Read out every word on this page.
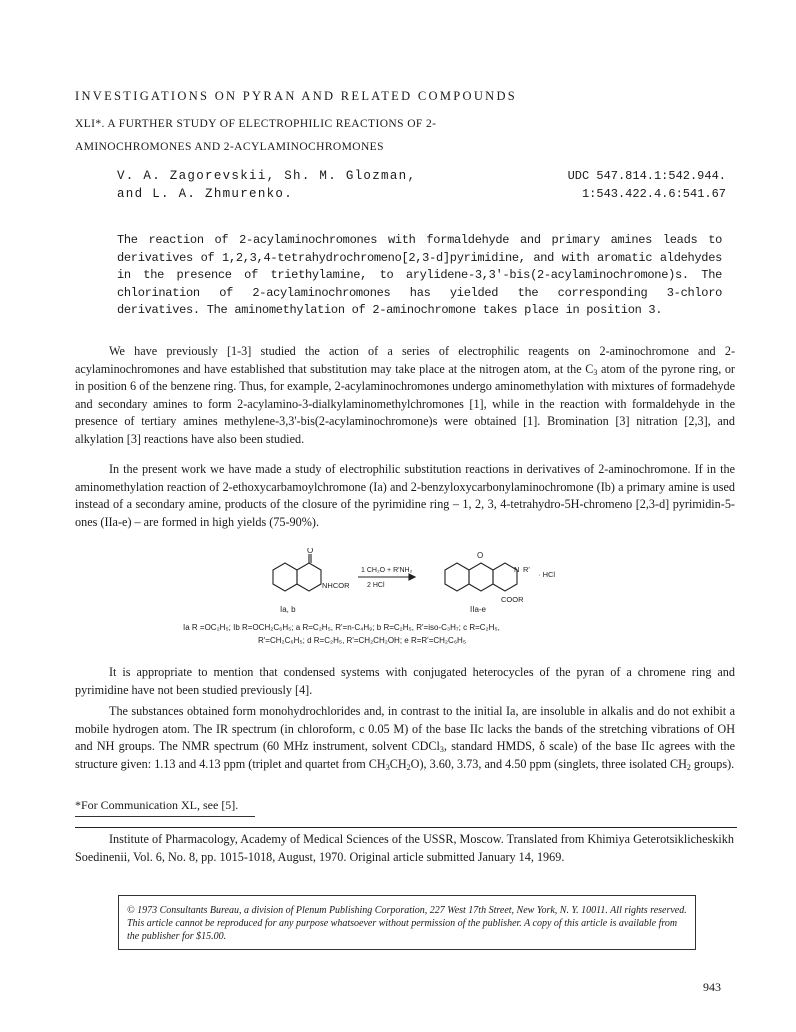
INVESTIGATIONS ON PYRAN AND RELATED COMPOUNDS
XLI*. A FURTHER STUDY OF ELECTROPHILIC REACTIONS OF 2-
AMINOCHROMONES AND 2-ACYLAMINOCHROMONES
V. A. Zagorevskii, Sh. M. Glozman,
and L. A. Zhmurenko.
UDC 547.814.1:542.944.
1:543.422.4.6:541.67

The reaction of 2-acylaminochromones with formaldehyde and primary amines leads to derivatives of 1,2,3,4-tetrahydrochromeno[2,3-d]pyrimidine, and with aromatic aldehydes in the presence of triethylamine, to arylidene-3,3'-bis(2-acylaminochromone)s. The chlorination of 2-acylaminochromones has yielded the corresponding 3-chloro derivatives. The aminomethylation of 2-aminochromone takes place in position 3.

We have previously [1-3] studied the action of a series of electrophilic reagents on 2-aminochromone and 2-acylaminochromones and have established that substitution may take place at the nitrogen atom, at the $C_3$ atom of the pyrone ring, or in position 6 of the benzene ring. Thus, for example, 2-acylaminochromones undergo aminomethylation with mixtures of formadehyde and secondary amines to form 2-acylamino-3-dialkylaminomethylchromones [1], while in the reaction with formaldehyde in the presence of tertiary amines methylene-3,3'-bis(2-acylaminochromone)s were obtained [1]. Bromination [3] nitration [2,3], and alkylation [3] reactions have also been studied.

In the present work we have made a study of electrophilic substitution reactions in derivatives of 2-aminochromone. If in the aminomethylation reaction of 2-ethoxycarbamoylchromone (Ia) and 2-benzyloxycarbonylaminochromone (Ib) a primary amine is used instead of a secondary amine, products of the closure of the pyrimidine ring – 1, 2, 3, 4-tetrahydro-5H-chromeno [2,3-d] pyrimidin-5-ones (IIa-e) – are formed in high yields (75-90%).

O
NHCOR
1 CH₂O + R'NH₂
2 HCl
O
N R'
· HCl
COOR
Ia, b	IIa-e
Ia R =OC₂H₅; Ib R=OCH₂C₆H₅; a R=C₂H₅, R'=n-C₄H₉; b R=C₂H₅, R'=iso-C₃H₇; c R=C₂H₅,
R'=CH₂C₆H₅; d R=C₂H₅, R'=CH₂CH₂OH; e R=R'=CH₂C₆H₅

It is appropriate to mention that condensed systems with conjugated heterocycles of the pyran of a chromene ring and pyrimidine have not been studied previously [4].

The substances obtained form monohydrochlorides and, in contrast to the initial Ia, are insoluble in alkalis and do not exhibit a mobile hydrogen atom. The IR spectrum (in chloroform, c 0.05 M) of the base IIc lacks the bands of the stretching vibrations of OH and NH groups. The NMR spectrum (60 MHz instrument, solvent CDCl$_3$, standard HMDS, δ scale) of the base IIc agrees with the structure given: 1.13 and 4.13 ppm (triplet and quartet from $CH_3CH_2O$), 3.60, 3.73, and 4.50 ppm (singlets, three isolated $CH_2$ groups).

*For Communication XL, see [5].

Institute of Pharmacology, Academy of Medical Sciences of the USSR, Moscow. Translated from Khimiya Geterotsiklicheskikh Soedinenii, Vol. 6, No. 8, pp. 1015-1018, August, 1970. Original article submitted January 14, 1969.

© 1973 Consultants Bureau, a division of Plenum Publishing Corporation, 227 West 17th Street, New York, N. Y. 10011. All rights reserved. This article cannot be reproduced for any purpose whatsoever without permission of the publisher. A copy of this article is available from the publisher for $15.00.
943
